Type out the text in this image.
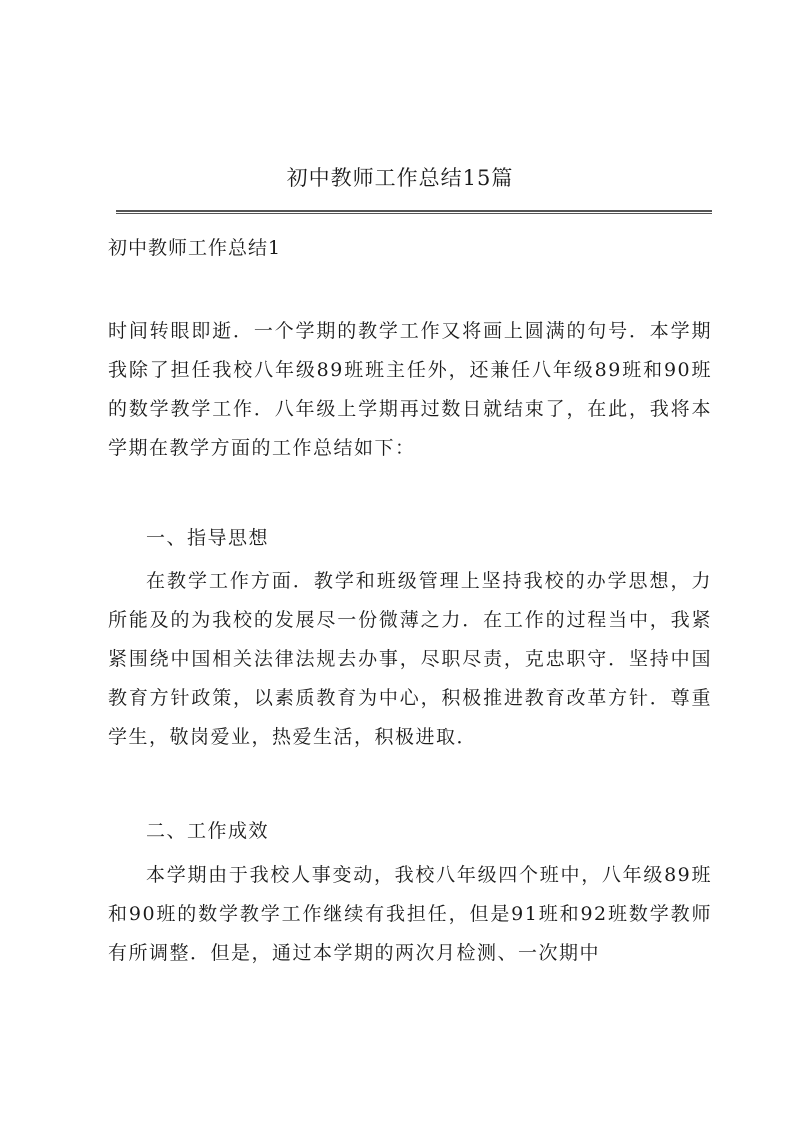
初中教师工作总结15篇

初中教师工作总结1

时间转眼即逝．一个学期的教学工作又将画上圆满的句号．本学期我除了担任我校八年级89班班主任外，还兼任八年级89班和90班的数学教学工作．八年级上学期再过数日就结束了，在此，我将本学期在教学方面的工作总结如下：

一、指导思想

在教学工作方面．教学和班级管理上坚持我校的办学思想，力所能及的为我校的发展尽一份微薄之力．在工作的过程当中，我紧紧围绕中国相关法律法规去办事，尽职尽责，克忠职守．坚持中国教育方针政策，以素质教育为中心，积极推进教育改革方针．尊重学生，敬岗爱业，热爱生活，积极进取．

二、工作成效

本学期由于我校人事变动，我校八年级四个班中，八年级89班和90班的数学教学工作继续有我担任，但是91班和92班数学教师有所调整．但是，通过本学期的两次月检测、一次期中
